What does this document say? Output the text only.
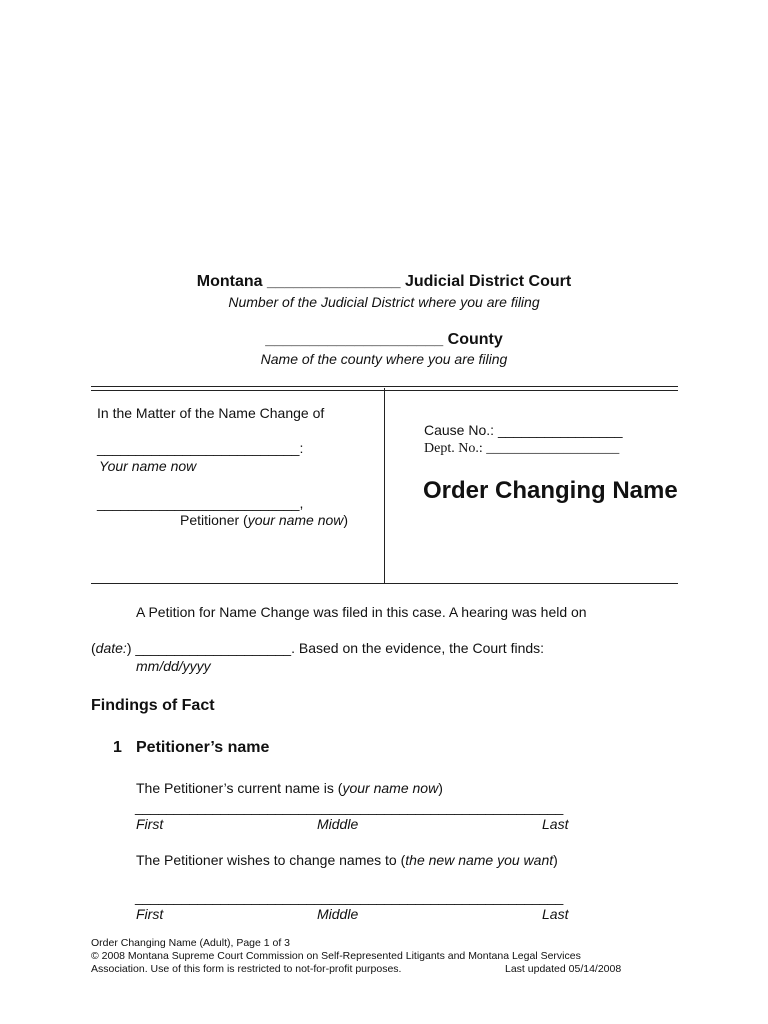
Montana _______________ Judicial District Court
Number of the Judicial District where you are filing
____________________ County
Name of the county where you are filing
In the Matter of the Name Change of
__________________________:
Your name now
__________________________,
Petitioner (your name now)
Cause No.: ________________
Dept. No.: ___________________
Order Changing Name
A Petition for Name Change was filed in this case. A hearing was held on
(date:) ____________________. Based on the evidence, the Court finds:
mm/dd/yyyy
Findings of Fact
1 Petitioner’s name
The Petitioner’s current name is (your name now)
_______________________________________________________
First	Middle	Last
The Petitioner wishes to change names to (the new name you want)
_______________________________________________________
First	Middle	Last
Order Changing Name (Adult), Page 1 of 3
© 2008 Montana Supreme Court Commission on Self-Represented Litigants and Montana Legal Services
Association. Use of this form is restricted to not-for-profit purposes.	Last updated 05/14/2008
